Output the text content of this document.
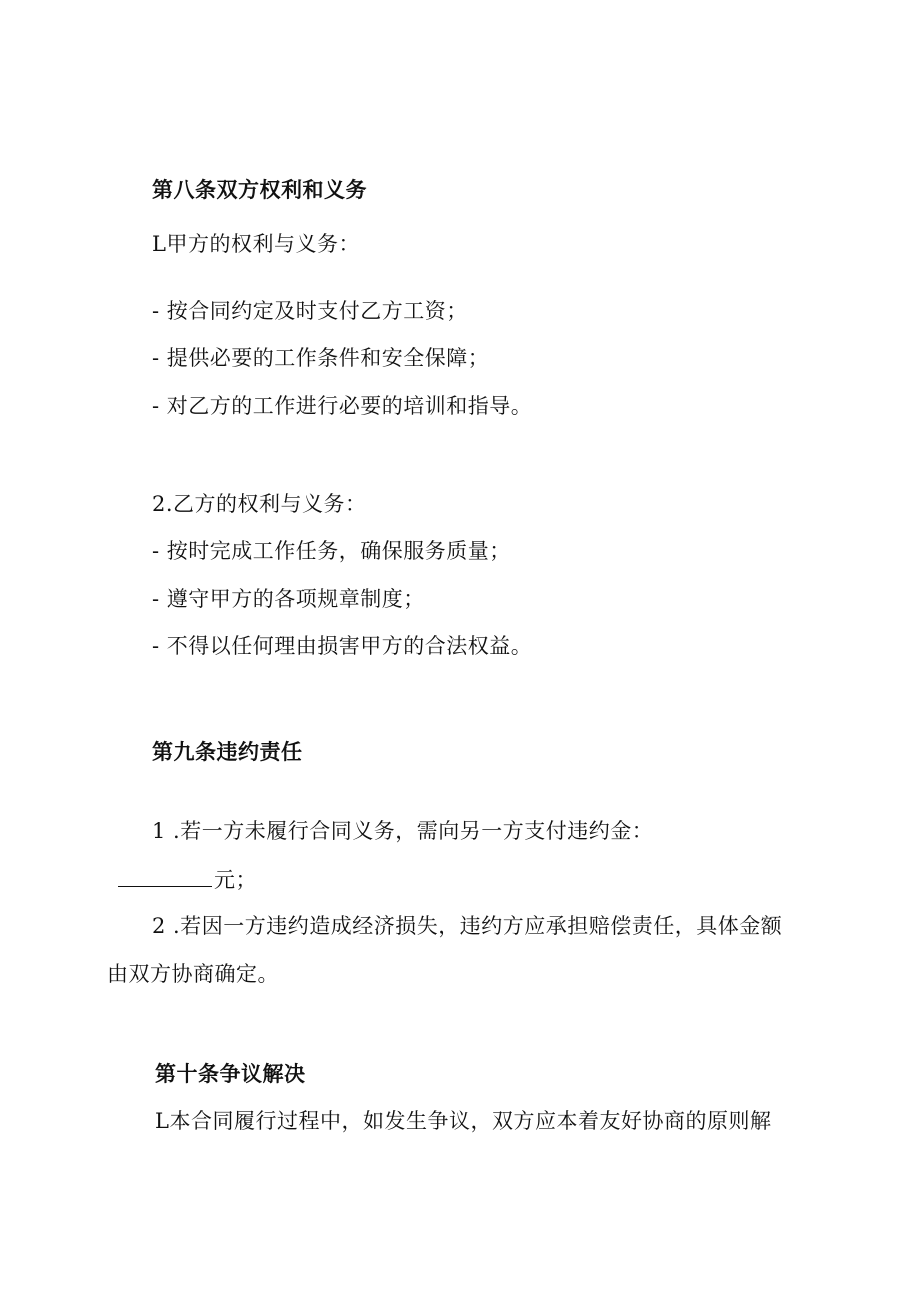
第八条双方权利和义务
L甲方的权利与义务：
- 按合同约定及时支付乙方工资；
- 提供必要的工作条件和安全保障；
- 对乙方的工作进行必要的培训和指导。
2.乙方的权利与义务：
- 按时完成工作任务，确保服务质量；
- 遵守甲方的各项规章制度；
- 不得以任何理由损害甲方的合法权益。
第九条违约责任
1 .若一方未履行合同义务，需向另一方支付违约金：
元；
2 .若因一方违约造成经济损失，违约方应承担赔偿责任，具体金额
由双方协商确定。
第十条争议解决
L本合同履行过程中，如发生争议，双方应本着友好协商的原则解
